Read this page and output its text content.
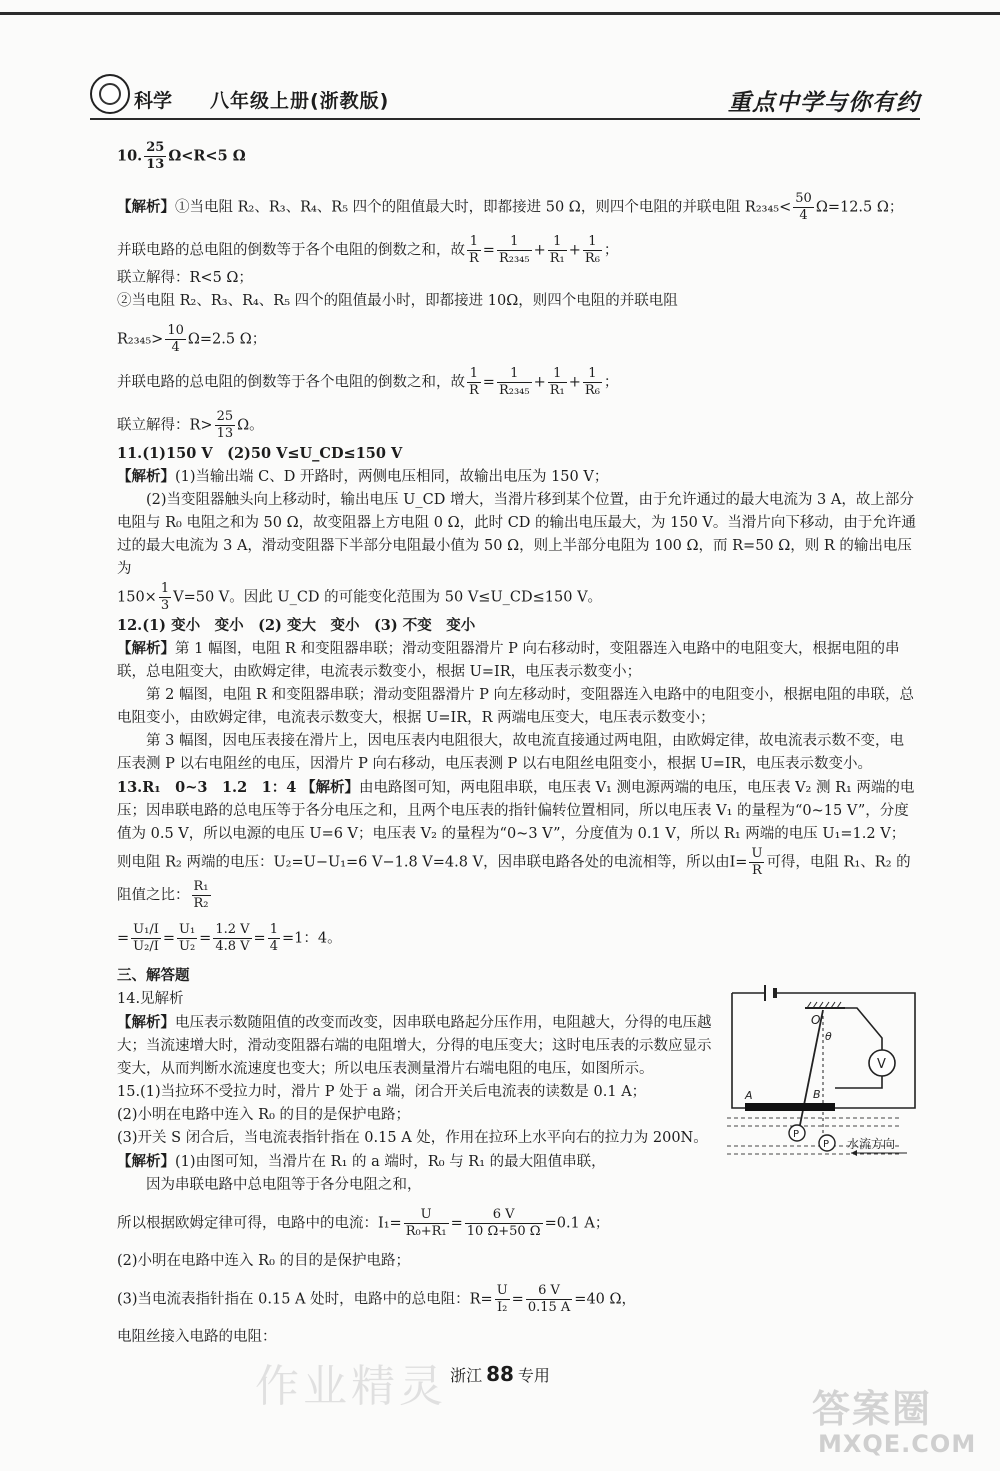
科学 八年级上册(浙教版)	重点中学与你有约

10. $\frac{25}{13} \Omega<R<5$ Ω

【解析】①当电阻 R₂、R₃、R₄、R₅ 四个的阻值最大时，即都接进 50 Ω，则四个电阻的并联电阻 $R_{2345}< \frac{50}{4} \Omega=12.5$ Ω；

并联电路的总电阻的倒数等于各个电阻的倒数之和，故 $\frac{1}{R} = \frac{1}{\text{R₂₃₄₅}} + \frac{1}{\text{R₁}} + \frac{1}{\text{R₆}}$ ；

联立解得：R<5 Ω；

②当电阻 R₂、R₃、R₄、R₅ 四个的阻值最小时，即都接进 10Ω，则四个电阻的并联电阻

$R_{2345}> \frac{10}{4} \Omega=2.5$ Ω；

并联电路的总电阻的倒数等于各个电阻的倒数之和，故 $\frac{1}{R} = \frac{1}{\text{R₂₃₄₅}} + \frac{1}{\text{R₁}} + \frac{1}{\text{R₆}}$ ；

联立解得：$R> \frac{25}{13}$ Ω。

11.(1)150 V　(2)50 V≤U_CD≤150 V

【解析】(1)当输出端 C、D 开路时，两侧电压相同，故输出电压为 150 V；

(2)当变阻器触头向上移动时，输出电压 U_CD 增大，当滑片移到某个位置，由于允许通过的最大电流为 3 A，故上部分电阻与 R₀ 电阻之和为 50 Ω，故变阻器上方电阻 0 Ω，此时 CD 的输出电压最大，为 150 V。当滑片向下移动，由于允许通过的最大电流为 3 A，滑动变阻器下半部分电阻最小值为 50 Ω，则上半部分电阻为 100 Ω，而 R=50 Ω，则 R 的输出电压为

$150\times \frac{1}{3} V=50$ V。因此 U_CD 的可能变化范围为 50 V≤U_CD≤150 V。

12.(1) 变小　变小　(2) 变大　变小　(3) 不变　变小

【解析】第 1 幅图，电阻 R 和变阻器串联；滑动变阻器滑片 P 向右移动时，变阻器连入电路中的电阻变大，根据电阻的串联，总电阻变大，由欧姆定律，电流表示数变小，根据 U=IR，电压表示数变小；

第 2 幅图，电阻 R 和变阻器串联；滑动变阻器滑片 P 向左移动时，变阻器连入电路中的电阻变小，根据电阻的串联，总电阻变小，由欧姆定律，电流表示数变大，根据 U=IR，R 两端电压变大，电压表示数变小；

第 3 幅图，因电压表接在滑片上，因电压表内电阻很大，故电流直接通过两电阻，由欧姆定律，故电流表示数不变，电压表测 P 以右电阻丝的电压，因滑片 P 向右移动，电压表测 P 以右电阻丝电阻变小，根据 U=IR，电压表示数变小。

13.R₁　0~3　1.2　1：4 【解析】由电路图可知，两电阻串联，电压表 V₁ 测电源两端的电压，电压表 V₂ 测 R₁ 两端的电压；因串联电路的总电压等于各分电压之和，且两个电压表的指针偏转位置相同，所以电压表 V₁ 的量程为“0~15 V”，分度值为 0.5 V，所以电源的电压 U=6 V；电压表 V₂ 的量程为“0~3 V”，分度值为 0.1 V，所以 R₁ 两端的电压 U₁=1.2 V；则电阻 R₂ 两端的电压：U₂=U−U₁=6 V−1.8 V=4.8 V，因串联电路各处的电流相等，所以由$I= \frac{U}{R}$ 可得，电阻 R₁、R₂ 的阻值之比： $\frac{\text{R₁}}{\text{R₂}}$

= $\frac{\text{U₁/I}}{\text{U₂/I}} = \frac{\text{U₁}}{\text{U₂}} = \frac{1.2 V}{4.8 V} = \frac{1}{4} =1$：4。

三、解答题

14.见解析

【解析】电压表示数随阻值的改变而改变，因串联电路起分压作用，电阻越大，分得的电压越大；当流速增大时，滑动变阻器右端的电阻增大，分得的电压变大；这时电压表的示数应显示变大，从而判断水流速度也变大；所以电压表测量滑片右端电阻的电压，如图所示。

15.(1)当拉环不受拉力时，滑片 P 处于 a 端，闭合开关后电流表的读数是 0.1 A；

(2)小明在电路中连入 R₀ 的目的是保护电路；

(3)开关 S 闭合后，当电流表指针指在 0.15 A 处，作用在拉环上水平向右的拉力为 200N。

【解析】(1)由图可知，当滑片在 R₁ 的 a 端时，R₀ 与 R₁ 的最大阻值串联，

因为串联电路中总电阻等于各分电阻之和，

所以根据欧姆定律可得，电路中的电流：$I_1= \frac{U}{\text{R₀+R₁}} = \frac{6 V}{10 \Omega+50 \Omega} =0.1$ A；

(2)小明在电路中连入 R₀ 的目的是保护电路；

(3)当电流表指针指在 0.15 A 处时，电路中的总电阻：$R= \frac{U}{\text{I₂}} = \frac{6 V}{0.15 A} =40$ Ω，

电阻丝接入电路的电阻：

V
P
P
O
θ
A	B
水流方向
作业精灵 浙江 88 专用
答案圈
MXQE.COM
